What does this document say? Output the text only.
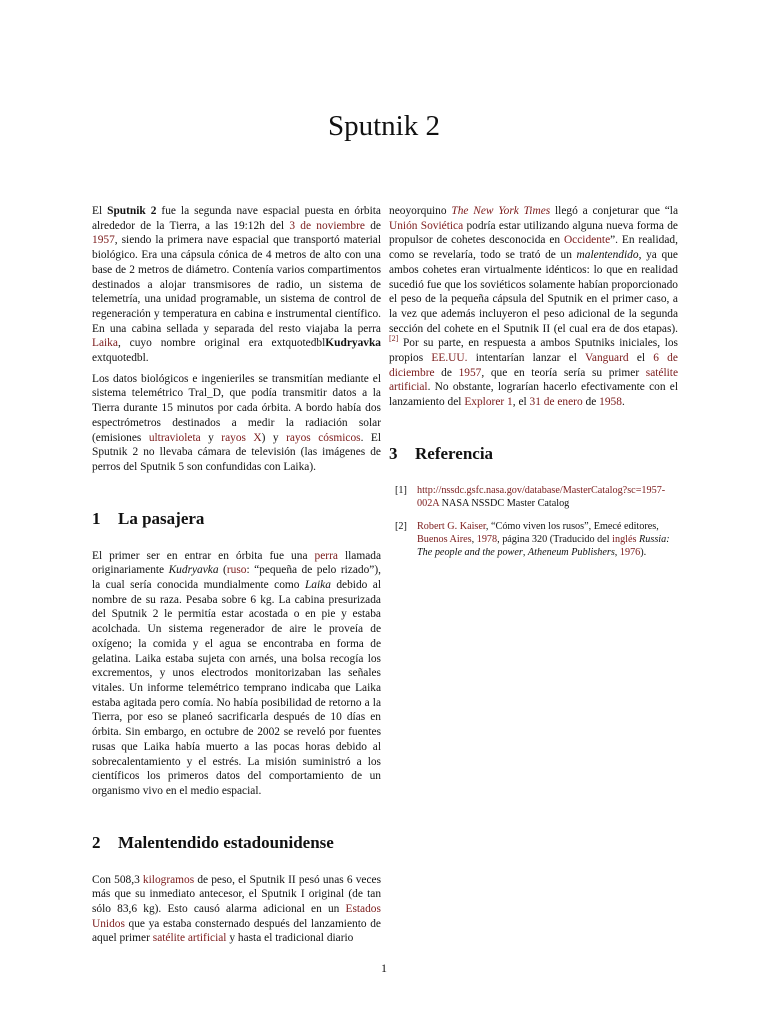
Sputnik 2

El Sputnik 2 fue la segunda nave espacial puesta en órbita alrededor de la Tierra, a las 19:12h del 3 de noviembre de 1957, siendo la primera nave espacial que transportó material biológico. Era una cápsula cónica de 4 metros de alto con una base de 2 metros de diámetro. Contenía varios compartimentos destinados a alojar transmisores de radio, un sistema de telemetría, una unidad programable, un sistema de control de regeneración y temperatura en cabina e instrumental científico. En una cabina sellada y separada del resto viajaba la perra Laika, cuyo nombre original era extquotedblKudryavka extquotedbl.

Los datos biológicos e ingenieriles se transmitían mediante el sistema telemétrico Tral_D, que podía transmitir datos a la Tierra durante 15 minutos por cada órbita. A bordo había dos espectrómetros destinados a medir la radiación solar (emisiones ultravioleta y rayos X) y rayos cósmicos. El Sputnik 2 no llevaba cámara de televisión (las imágenes de perros del Sputnik 5 son confundidas con Laika).

1 La pasajera

El primer ser en entrar en órbita fue una perra llamada originariamente Kudryavka (ruso: “pequeña de pelo rizado”), la cual sería conocida mundialmente como Laika debido al nombre de su raza. Pesaba sobre 6 kg. La cabina presurizada del Sputnik 2 le permitía estar acostada o en pie y estaba acolchada. Un sistema regenerador de aire le proveía de oxígeno; la comida y el agua se encontraba en forma de gelatina. Laika estaba sujeta con arnés, una bolsa recogía los excrementos, y unos electrodos monitorizaban las señales vitales. Un informe telemétrico temprano indicaba que Laika estaba agitada pero comía. No había posibilidad de retorno a la Tierra, por eso se planeó sacrificarla después de 10 días en órbita. Sin embargo, en octubre de 2002 se reveló por fuentes rusas que Laika había muerto a las pocas horas debido al sobrecalentamiento y el estrés. La misión suministró a los científicos los primeros datos del comportamiento de un organismo vivo en el medio espacial.

2 Malentendido estadounidense

Con 508,3 kilogramos de peso, el Sputnik II pesó unas 6 veces más que su inmediato antecesor, el Sputnik I original (de tan sólo 83,6 kg). Esto causó alarma adicional en un Estados Unidos que ya estaba consternado después del lanzamiento de aquel primer satélite artificial y hasta el tradicional diario

neoyorquino The New York Times llegó a conjeturar que “la Unión Soviética podría estar utilizando alguna nueva forma de propulsor de cohetes desconocida en Occidente”. En realidad, como se revelaría, todo se trató de un malentendido, ya que ambos cohetes eran virtualmente idénticos: lo que en realidad sucedió fue que los soviéticos solamente habían proporcionado el peso de la pequeña cápsula del Sputnik en el primer caso, a la vez que además incluyeron el peso adicional de la segunda sección del cohete en el Sputnik II (el cual era de dos etapas).[2] Por su parte, en respuesta a ambos Sputniks iniciales, los propios EE.UU. intentarían lanzar el Vanguard el 6 de diciembre de 1957, que en teoría sería su primer satélite artificial. No obstante, lograrían hacerlo efectivamente con el lanzamiento del Explorer 1, el 31 de enero de 1958.

3 Referencia
[1] http://nssdc.gsfc.nasa.gov/database/MasterCatalog?sc=1957-002A NASA NSSDC Master Catalog
[2] Robert G. Kaiser, “Cómo viven los rusos”, Emecé editores, Buenos Aires, 1978, página 320 (Traducido del inglés Russia: The people and the power, Atheneum Publishers, 1976).
1
